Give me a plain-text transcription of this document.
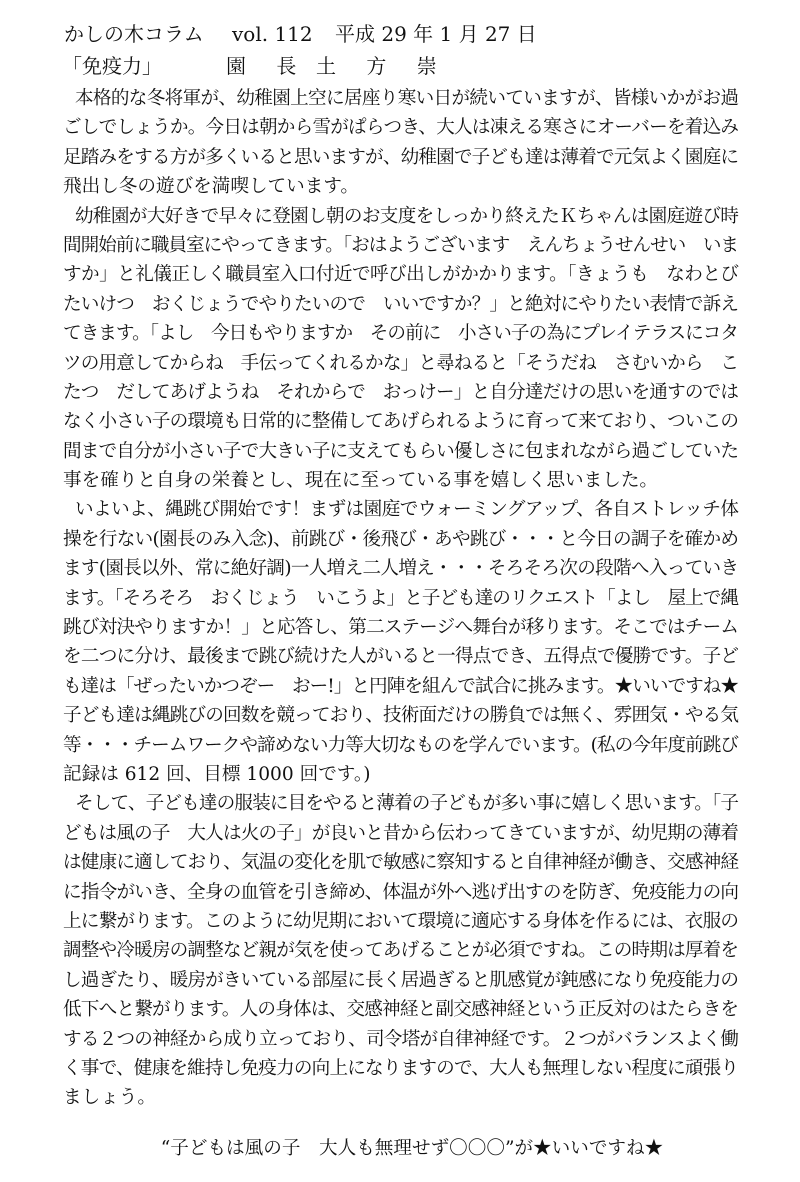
かしの木コラム vol. 112 平成 29 年 1 月 27 日
「免疫力」	園 長 土 方 崇
本格的な冬将軍が、幼稚園上空に居座り寒い日が続いていますが、皆様いかがお過
ごしでしょうか。今日は朝から雪がぱらつき、大人は凍える寒さにオーバーを着込み
足踏みをする方が多くいると思いますが、幼稚園で子ども達は薄着で元気よく園庭に
飛出し冬の遊びを満喫しています。
幼稚園が大好きで早々に登園し朝のお支度をしっかり終えたＫちゃんは園庭遊び時
間開始前に職員室にやってきます。「おはようございます　えんちょうせんせい　いま
すか」と礼儀正しく職員室入口付近で呼び出しがかかります。「きょうも　なわとび
たいけつ　おくじょうでやりたいので　いいですか？」と絶対にやりたい表情で訴え
てきます。「よし　今日もやりますか　その前に　小さい子の為にプレイテラスにコタ
ツの用意してからね　手伝ってくれるかな」と尋ねると「そうだね　さむいから　こ
たつ　だしてあげようね　それからで　おっけー」と自分達だけの思いを通すのでは
なく小さい子の環境も日常的に整備してあげられるように育って来ており、ついこの
間まで自分が小さい子で大きい子に支えてもらい優しさに包まれながら過ごしていた
事を確りと自身の栄養とし、現在に至っている事を嬉しく思いました。
いよいよ、縄跳び開始です！まずは園庭でウォーミングアップ、各自ストレッチ体
操を行ない(園長のみ入念)、前跳び・後飛び・あや跳び・・・と今日の調子を確かめ
ます(園長以外、常に絶好調)一人増え二人増え・・・そろそろ次の段階へ入っていき
ます。「そろそろ　おくじょう　いこうよ」と子ども達のリクエスト「よし　屋上で縄
跳び対決やりますか！」と応答し、第二ステージへ舞台が移ります。そこではチーム
を二つに分け、最後まで跳び続けた人がいると一得点でき、五得点で優勝です。子ど
も達は「ぜったいかつぞー　おー!」と円陣を組んで試合に挑みます。★いいですね★
子ども達は縄跳びの回数を競っており、技術面だけの勝負では無く、雰囲気・やる気
等・・・チームワークや諦めない力等大切なものを学んでいます。(私の今年度前跳び
記録は 612 回、目標 1000 回です。)
そして、子ども達の服装に目をやると薄着の子どもが多い事に嬉しく思います。「子
どもは風の子　大人は火の子」が良いと昔から伝わってきていますが、幼児期の薄着
は健康に適しており、気温の変化を肌で敏感に察知すると自律神経が働き、交感神経
に指令がいき、全身の血管を引き締め、体温が外へ逃げ出すのを防ぎ、免疫能力の向
上に繋がります。このように幼児期において環境に適応する身体を作るには、衣服の
調整や冷暖房の調整など親が気を使ってあげることが必須ですね。この時期は厚着を
し過ぎたり、暖房がきいている部屋に長く居過ぎると肌感覚が鈍感になり免疫能力の
低下へと繋がります。人の身体は、交感神経と副交感神経という正反対のはたらきを
する２つの神経から成り立っており、司令塔が自律神経です。２つがバランスよく働
く事で、健康を維持し免疫力の向上になりますので、大人も無理しない程度に頑張り
ましょう。
“子どもは風の子　大人も無理せず〇〇〇”が★いいですね★
